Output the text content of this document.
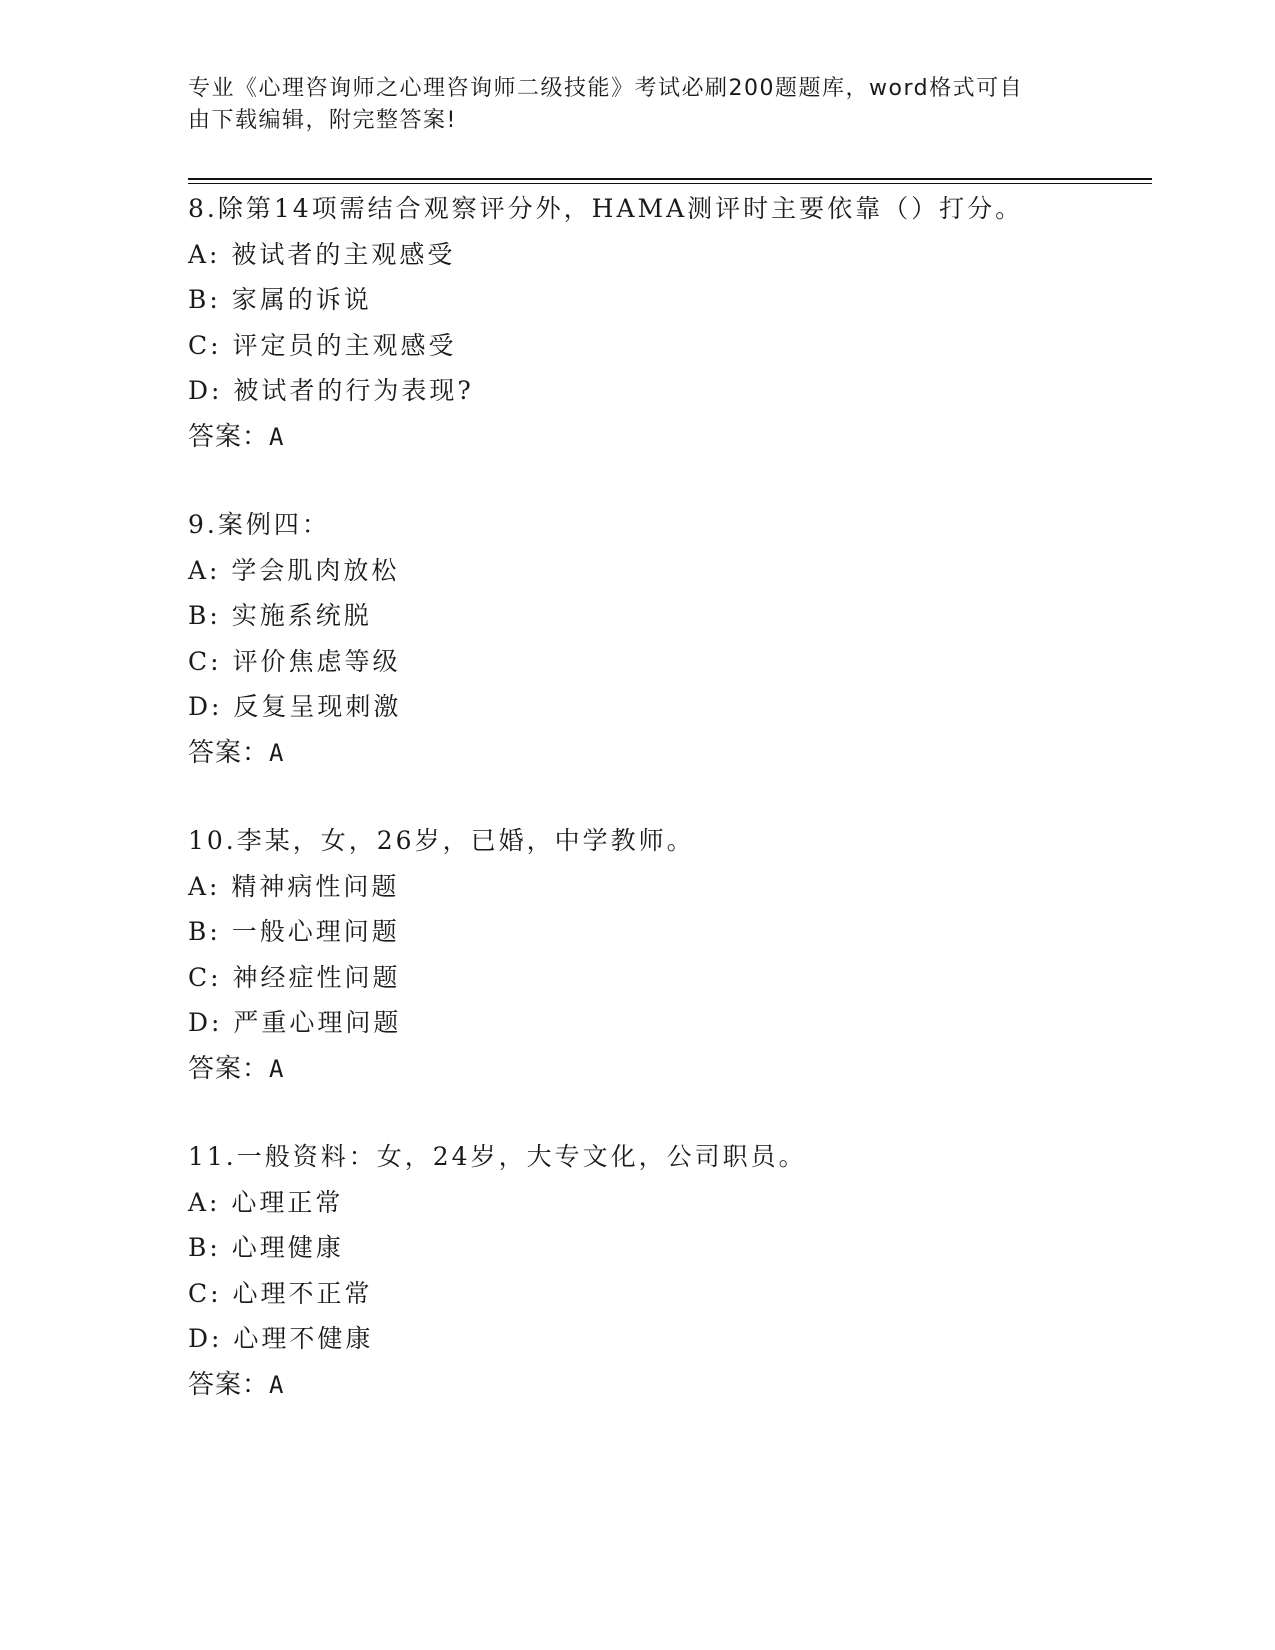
专业《心理咨询师之心理咨询师二级技能》考试必刷200题题库，word格式可自
由下载编辑，附完整答案!

8.除第14项需结合观察评分外，HAMA测评时主要依靠（）打分。

A: 被试者的主观感受

B: 家属的诉说

C: 评定员的主观感受

D: 被试者的行为表现?

答案：A

9.案例四：

A: 学会肌肉放松

B: 实施系统脱

C: 评价焦虑等级

D: 反复呈现刺激

答案：A

10.李某，女，26岁，已婚，中学教师。

A: 精神病性问题

B: 一般心理问题

C: 神经症性问题

D: 严重心理问题

答案：A

11.一般资料：女，24岁，大专文化，公司职员。

A: 心理正常

B: 心理健康

C: 心理不正常

D: 心理不健康

答案：A
